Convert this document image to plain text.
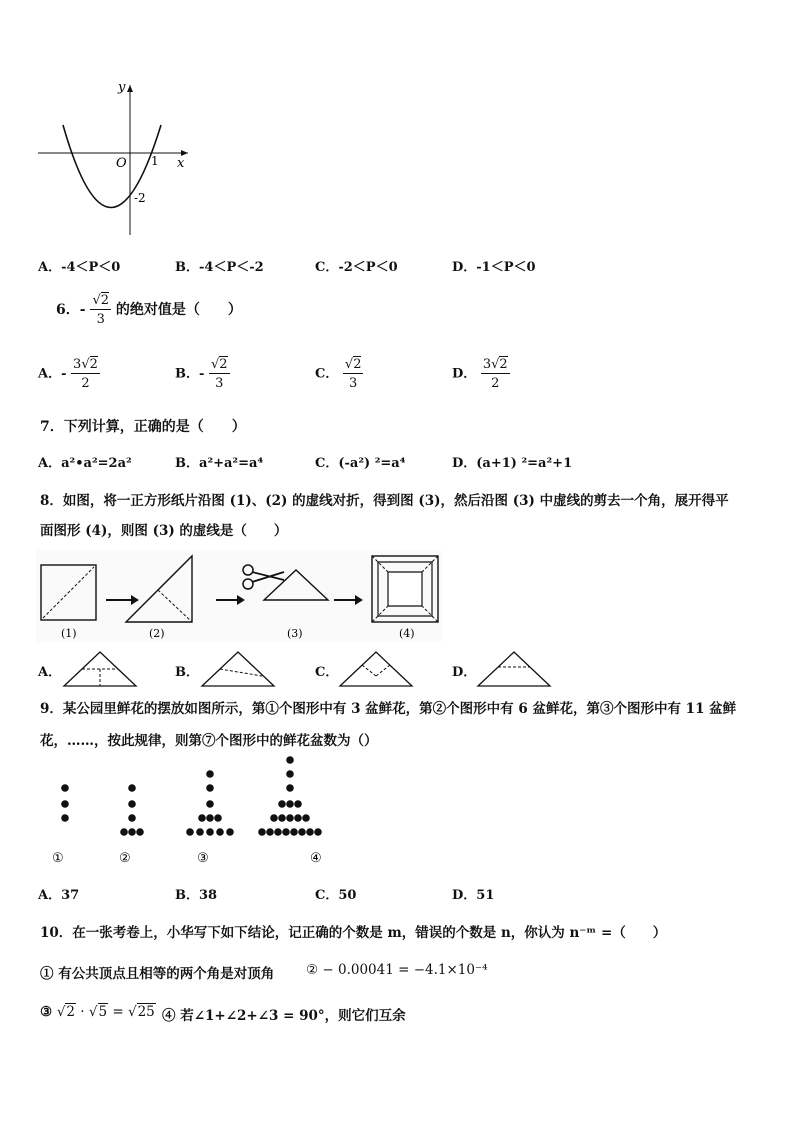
y
x
O 1
-2
A．-4＜P＜0	B．-4＜P＜-2	C．-2＜P＜0	D．-1＜P＜0
6．- $\frac{√2}{3}$ 的绝对值是（　　）
A．- $\frac{3√2}{2}$	B．- $\frac{√2}{3}$	C． $\frac{√2}{3}$	D． $\frac{3√2}{2}$
7．下列计算，正确的是（　　）
A．a²•a²=2a²	B．a²+a²=a⁴	C．(-a²) ²=a⁴	D．(a+1) ²=a²+1
8．如图，将一正方形纸片沿图 (1)、(2) 的虚线对折，得到图 (3)，然后沿图 (3) 中虚线的剪去一个角，展开得平
面图形 (4)，则图 (3) 的虚线是（　　）
(1)	(2)	(3)	(4)
A．	B．	C．	D．
9．某公园里鲜花的摆放如图所示，第①个图形中有 3 盆鲜花，第②个图形中有 6 盆鲜花，第③个图形中有 11 盆鲜
花，……，按此规律，则第⑦个图形中的鲜花盆数为（）
①	②	③	④
A．37	B．38	C．50	D．51
10．在一张考卷上，小华写下如下结论，记正确的个数是 m，错误的个数是 n，你认为 n⁻ᵐ =（　　）
① 有公共顶点且相等的两个角是对顶角 ② − 0.00041 = −4.1×10⁻⁴
③ √2 · √5 = √25 ④ 若∠1+∠2+∠3 = 90°，则它们互余
